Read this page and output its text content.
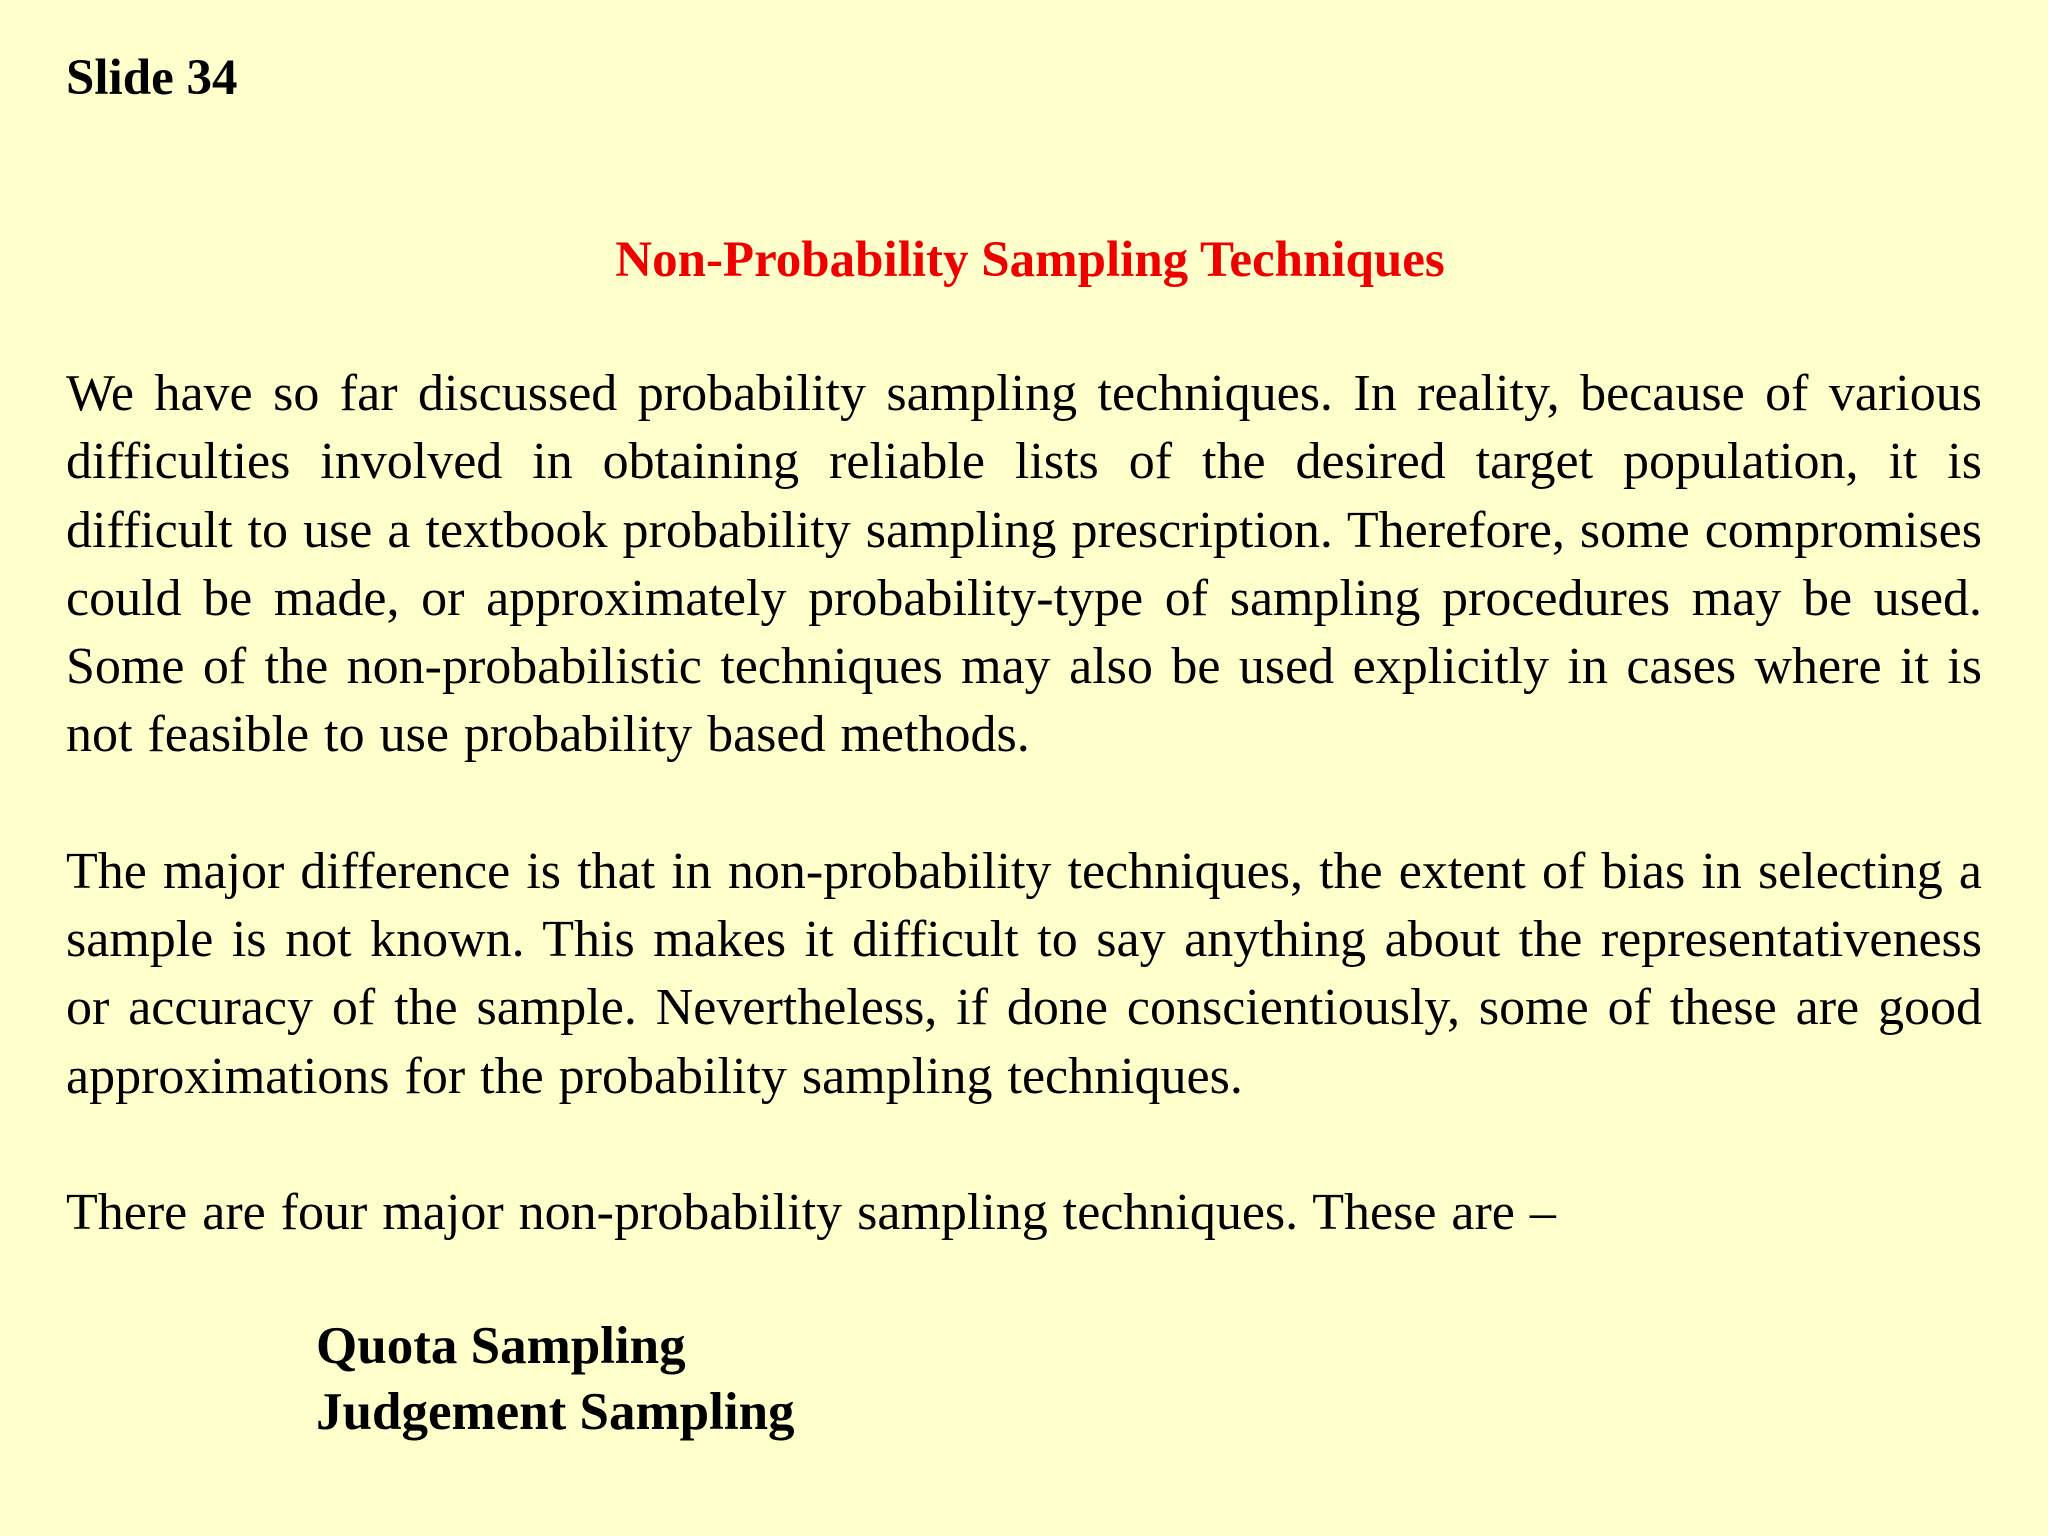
Slide 34
Non-Probability Sampling Techniques

We have so far discussed probability sampling techniques. In reality, because of various difficulties involved in obtaining reliable lists of the desired target population, it is difficult to use a textbook probability sampling prescription. Therefore, some compromises could be made, or approximately probability-type of sampling procedures may be used. Some of the non-probabilistic techniques may also be used explicitly in cases where it is not feasible to use probability based methods.

The major difference is that in non-probability techniques, the extent of bias in selecting a sample is not known. This makes it difficult to say anything about the representativeness or accuracy of the sample. Nevertheless, if done conscientiously, some of these are good approximations for the probability sampling techniques.

There are four major non-probability sampling techniques. These are –

Quota Sampling
Judgement Sampling
